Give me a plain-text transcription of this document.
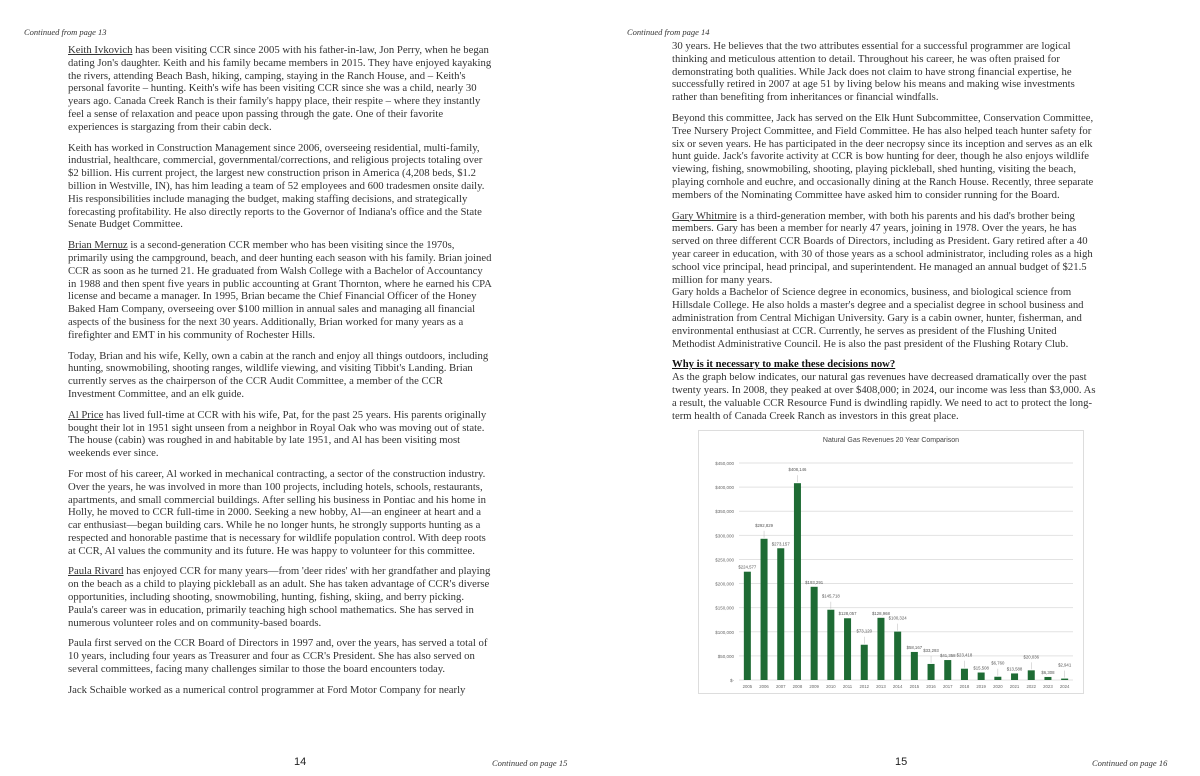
Continued from page 13

Keith Ivkovich has been visiting CCR since 2005 with his father-in-law, Jon Perry, when he began dating Jon's daughter. Keith and his family became members in 2015. They have enjoyed kayaking the rivers, attending Beach Bash, hiking, camping, staying in the Ranch House, and – Keith's personal favorite – hunting. Keith's wife has been visiting CCR since she was a child, nearly 30 years ago. Canada Creek Ranch is their family's happy place, their respite – where they instantly feel a sense of relaxation and peace upon passing through the gate. One of their favorite experiences is stargazing from their cabin deck.

Keith has worked in Construction Management since 2006, overseeing residential, multi-family, industrial, healthcare, commercial, governmental/corrections, and religious projects totaling over $2 billion. His current project, the largest new construction prison in America (4,208 beds, $1.2 billion in Westville, IN), has him leading a team of 52 employees and 600 tradesmen onsite daily. His responsibilities include managing the budget, making staffing decisions, and strategically forecasting profitability. He also directly reports to the Governor of Indiana's office and the State Senate Budget Committee.

Brian Mernuz is a second-generation CCR member who has been visiting since the 1970s, primarily using the campground, beach, and deer hunting each season with his family. Brian joined CCR as soon as he turned 21. He graduated from Walsh College with a Bachelor of Accountancy in 1988 and then spent five years in public accounting at Grant Thornton, where he earned his CPA license and became a manager. In 1995, Brian became the Chief Financial Officer of the Honey Baked Ham Company, overseeing over $100 million in annual sales and managing all financial aspects of the business for the next 30 years. Additionally, Brian worked for many years as a firefighter and EMT in his community of Rochester Hills.

Today, Brian and his wife, Kelly, own a cabin at the ranch and enjoy all things outdoors, including hunting, snowmobiling, shooting ranges, wildlife viewing, and visiting Tibbit's Landing. Brian currently serves as the chairperson of the CCR Audit Committee, a member of the CCR Investment Committee, and an elk guide.

Al Price has lived full-time at CCR with his wife, Pat, for the past 25 years. His parents originally bought their lot in 1951 sight unseen from a neighbor in Royal Oak who was moving out of state. The house (cabin) was roughed in and habitable by late 1951, and Al has been visiting most weekends ever since.

For most of his career, Al worked in mechanical contracting, a sector of the construction industry. Over the years, he was involved in more than 100 projects, including hotels, schools, restaurants, apartments, and small commercial buildings. After selling his business in Pontiac and his home in Holly, he moved to CCR full-time in 2000. Seeking a new hobby, Al—an engineer at heart and a car enthusiast—began building cars. While he no longer hunts, he strongly supports hunting as a respected and honorable pastime that is necessary for wildlife population control. With deep roots at CCR, Al values the community and its future. He was happy to volunteer for this committee.

Paula Rivard has enjoyed CCR for many years—from 'deer rides' with her grandfather and playing on the beach as a child to playing pickleball as an adult. She has taken advantage of CCR's diverse opportunities, including shooting, snowmobiling, hunting, fishing, skiing, and berry picking. Paula's career was in education, primarily teaching high school mathematics. She has served in numerous volunteer roles and on community-based boards.

Paula first served on the CCR Board of Directors in 1997 and, over the years, has served a total of 10 years, including four years as Treasurer and four as CCR's President. She has also served on several committees, facing many challenges similar to those the board encounters today.

Jack Schaible worked as a numerical control programmer at Ford Motor Company for nearly

14	Continued on page 15
Continued from page 14

30 years. He believes that the two attributes essential for a successful programmer are logical thinking and meticulous attention to detail. Throughout his career, he was often praised for demonstrating both qualities. While Jack does not claim to have strong financial expertise, he successfully retired in 2007 at age 51 by living below his means and making wise investments rather than benefiting from inheritances or financial windfalls.

Beyond this committee, Jack has served on the Elk Hunt Subcommittee, Conservation Committee, Tree Nursery Project Committee, and Field Committee. He has also helped teach hunter safety for six or seven years. He has participated in the deer necropsy since its inception and serves as an elk hunt guide. Jack's favorite activity at CCR is bow hunting for deer, though he also enjoys wildlife viewing, fishing, snowmobiling, shooting, playing pickleball, shed hunting, visiting the beach, playing cornhole and euchre, and occasionally dining at the Ranch House. Recently, three separate members of the Nominating Committee have asked him to consider running for the Board.

Gary Whitmire is a third-generation member, with both his parents and his dad's brother being members. Gary has been a member for nearly 47 years, joining in 1978. Over the years, he has served on three different CCR Boards of Directors, including as President. Gary retired after a 40 year career in education, with 30 of those years as a school administrator, including roles as a high school vice principal, head principal, and superintendent. He managed an annual budget of $21.5 million for many years.

Gary holds a Bachelor of Science degree in economics, business, and biological science from Hillsdale College. He also holds a master's degree and a specialist degree in school business and administration from Central Michigan University. Gary is a cabin owner, hunter, fisherman, and environmental enthusiast at CCR. Currently, he serves as president of the Flushing United Methodist Administrative Council. He is also the past president of the Flushing Rotary Club.

Why is it necessary to make these decisions now?
As the graph below indicates, our natural gas revenues have decreased dramatically over the past twenty years. In 2008, they peaked at over $408,000; in 2024, our income was less than $3,000. As a result, the valuable CCR Resource Fund is dwindling rapidly. We need to act to protect the long-term health of Canada Creek Ranch as investors in this great place.
Natural Gas Revenues 20 Year Comparison
$-
$50,000
$100,000
$150,000
$200,000
$250,000
$300,000
$350,000
$400,000
$450,000
$224,577
2005
$292,829
2006
$273,157
2007
$408,146
2008
$193,291
2009
$145,718
2010
$128,057
2011
$73,120
2012
$128,968
2013
$100,324
2014
$58,167
2015
$33,293
2016
$41,358
2017
$23,418
2018
$15,508
2019
$6,760
2020
$13,588
2021
$20,036
2022
$6,308
2023
$2,941
2024
15	Continued on page 16
